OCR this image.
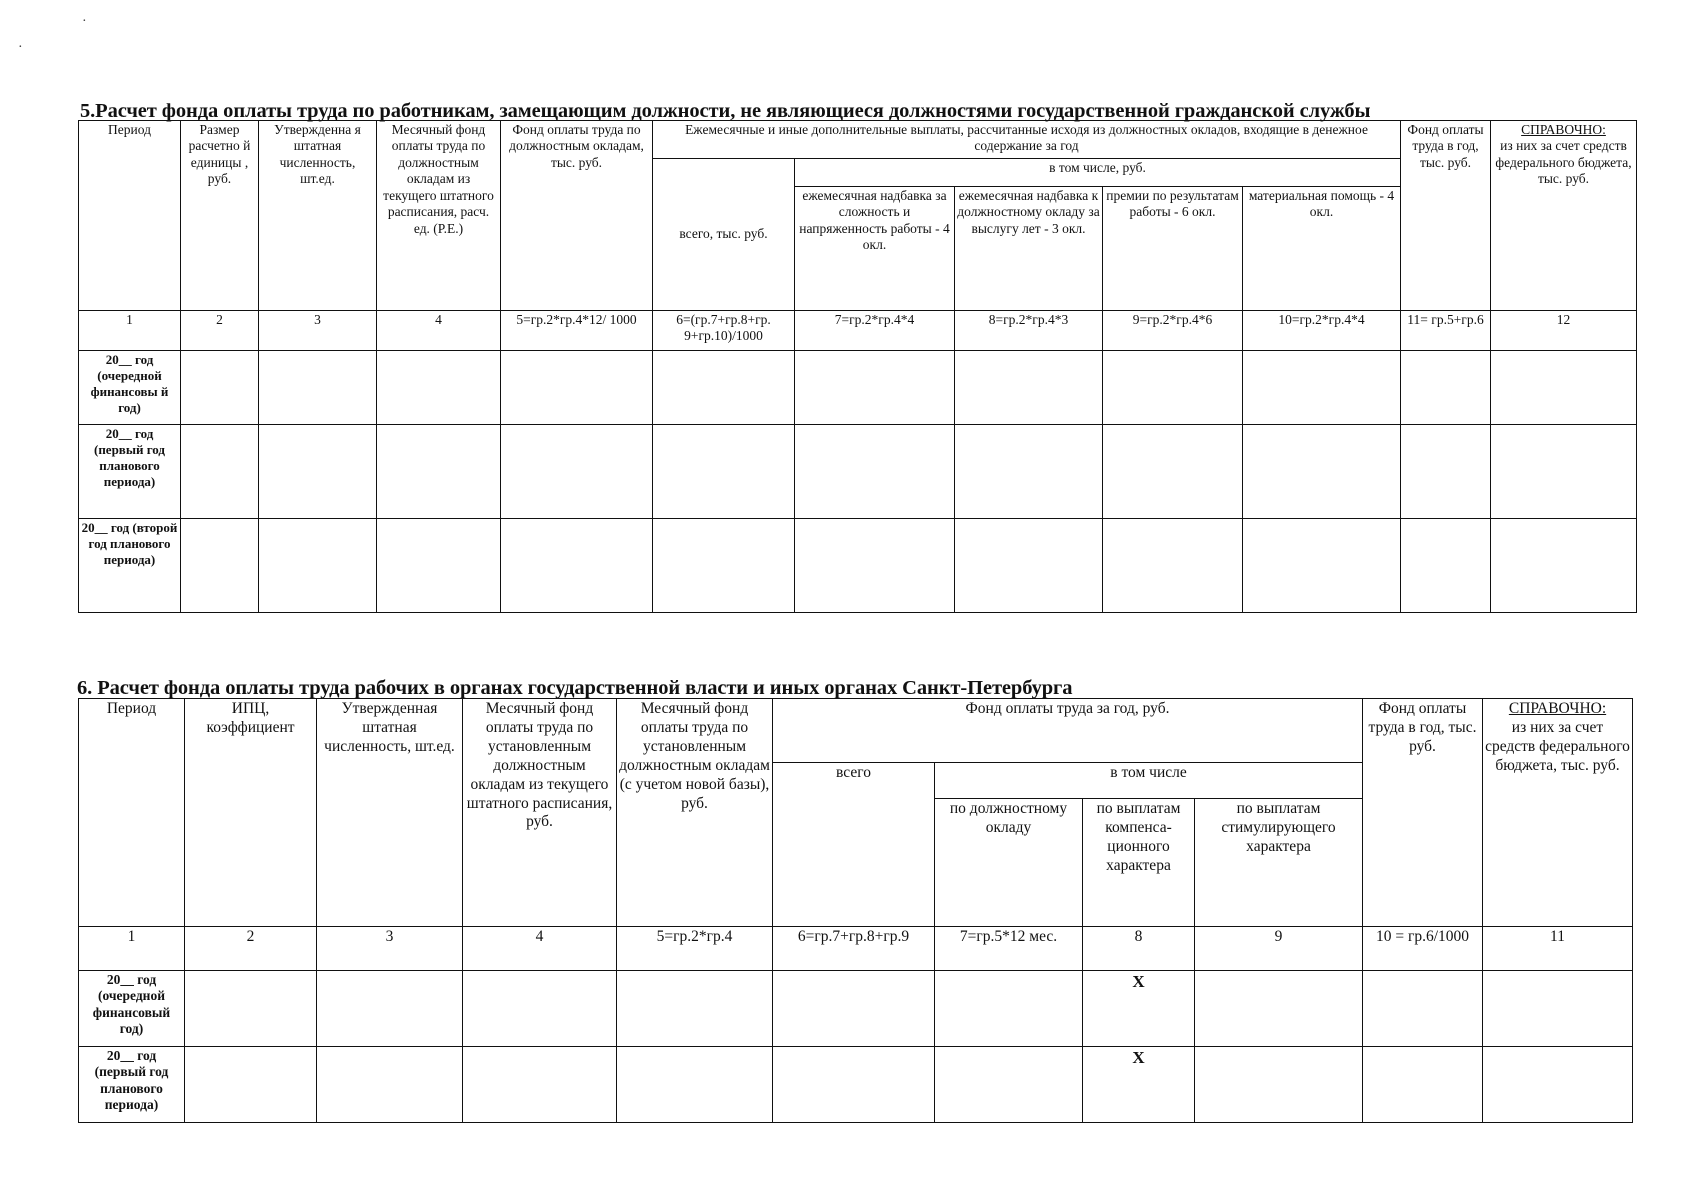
·
·
5.Расчет фонда оплаты труда по работникам, замещающим должности, не являющиеся должностями государственной гражданской службы
Период	Размер расчетно й единицы , руб.	Утвержденна я штатная численность, шт.ед.	Месячный фонд оплаты труда по должностным окладам из текущего штатного расписания, расч. ед. (Р.Е.)	Фонд оплаты труда по должностным окладам, тыс. руб.	Ежемесячные и иные дополнительные выплаты, рассчитанные исходя из должностных окладов, входящие в денежное содержание за год					Фонд оплаты труда в год, тыс. руб.	СПРАВОЧНО:
из них за счет средств федерального бюджета, тыс. руб.

					всего, тыс. руб.	в том числе, руб.					
						ежемесячная надбавка за сложность и напряженность работы - 4 окл.	ежемесячная надбавка к должностному окладу за выслугу лет - 3 окл.	премии по результатам работы - 6 окл.	материальная помощь - 4 окл.		
1	2	3	4	5=гр.2*гр.4*12/ 1000	6=(гр.7+гр.8+гр. 9+гр.10)/1000	7=гр.2*гр.4*4	8=гр.2*гр.4*3	9=гр.2*гр.4*6	10=гр.2*гр.4*4	11= гр.5+гр.6	12
20__ год (очередной финансовы й год)											
20__ год (первый год планового периода)											
20__ год (второй год планового периода)											
6. Расчет фонда оплаты труда рабочих в органах государственной власти и иных органах Санкт-Петербурга
Период	ИПЦ, коэффициент	Утвержденная штатная численность, шт.ед.	Месячный фонд оплаты труда по установленным должностным окладам из текущего штатного расписания, руб.	Месячный фонд оплаты труда по установленным должностным окладам (с учетом новой базы), руб.	Фонд оплаты труда за год, руб.				Фонд оплаты труда в год, тыс. руб.	СПРАВОЧНО:
из них за счет средств федерального бюджета, тыс. руб.

					всего	в том числе				
						по должностному окладу	по выплатам компенса-ционного характера	по выплатам стимулирующего характера		
1	2	3	4	5=гр.2*гр.4	6=гр.7+гр.8+гр.9	7=гр.5*12 мес.	8	9	10 = гр.6/1000	11
20__ год (очередной финансовый год)							Х			
20__ год (первый год планового периода)							Х			
